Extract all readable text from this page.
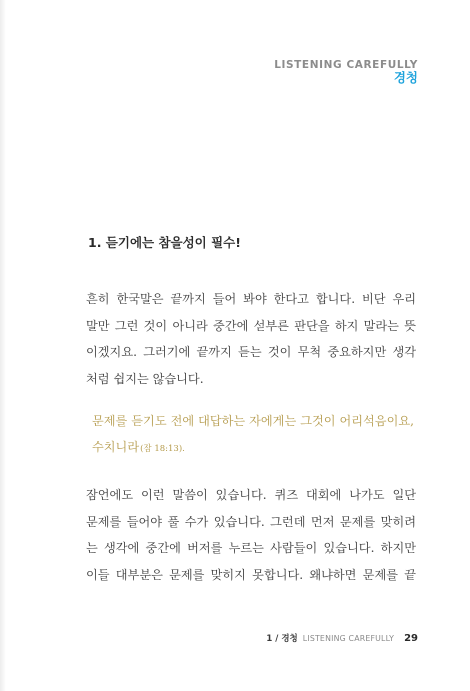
LISTENING CAREFULLY
경청
1. 듣기에는 참을성이 필수!

흔히 한국말은 끝까지 들어 봐야 한다고 합니다. 비단 우리
말만 그런 것이 아니라 중간에 섣부른 판단을 하지 말라는 뜻
이겠지요. 그러기에 끝까지 듣는 것이 무척 중요하지만 생각
처럼 쉽지는 않습니다.

문제를 듣기도 전에 대답하는 자에게는 그것이 어리석음이요,
수치니라(잠 18:13).

잠언에도 이런 말씀이 있습니다. 퀴즈 대회에 나가도 일단
문제를 들어야 풀 수가 있습니다. 그런데 먼저 문제를 맞히려
는 생각에 중간에 버저를 누르는 사람들이 있습니다. 하지만
이들 대부분은 문제를 맞히지 못합니다. 왜냐하면 문제를 끝

1 / 경청 LISTENING CAREFULLY 29
